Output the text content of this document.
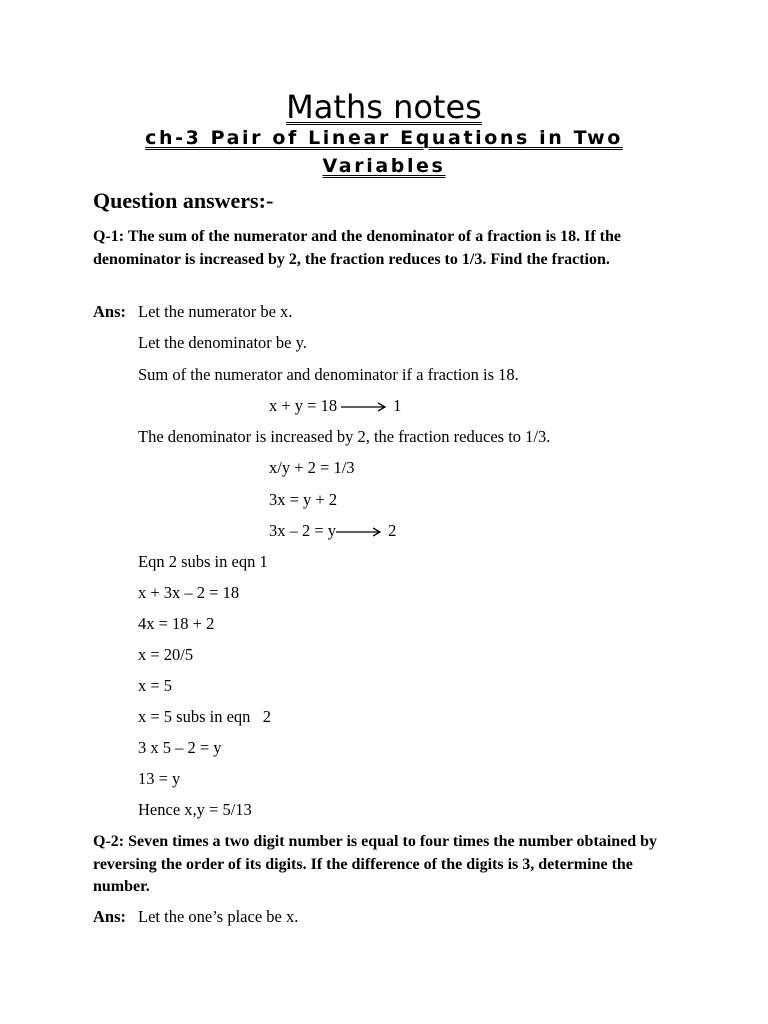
Maths notes
ch-3 Pair of Linear Equations in Two Variables
Question answers:-
Q-1: The sum of the numerator and the denominator of a fraction is 18. If the denominator is increased by 2, the fraction reduces to 1/3. Find the fraction.
Ans: Let the numerator be x.
Let the denominator be y.
Sum of the numerator and denominator if a fraction is 18.
x + y = 18	1
The denominator is increased by 2, the fraction reduces to 1/3.
x/y + 2 = 1/3
3x = y + 2
3x – 2 = y	2
Eqn 2 subs in eqn 1
x + 3x – 2 = 18
4x = 18 + 2
x = 20/5
x = 5
x = 5 subs in eqn   2
3 x 5 – 2 = y
13 = y
Hence x,y = 5/13
Q-2: Seven times a two digit number is equal to four times the number obtained by reversing the order of its digits. If the difference of the digits is 3, determine the number.
Ans: Let the one’s place be x.
